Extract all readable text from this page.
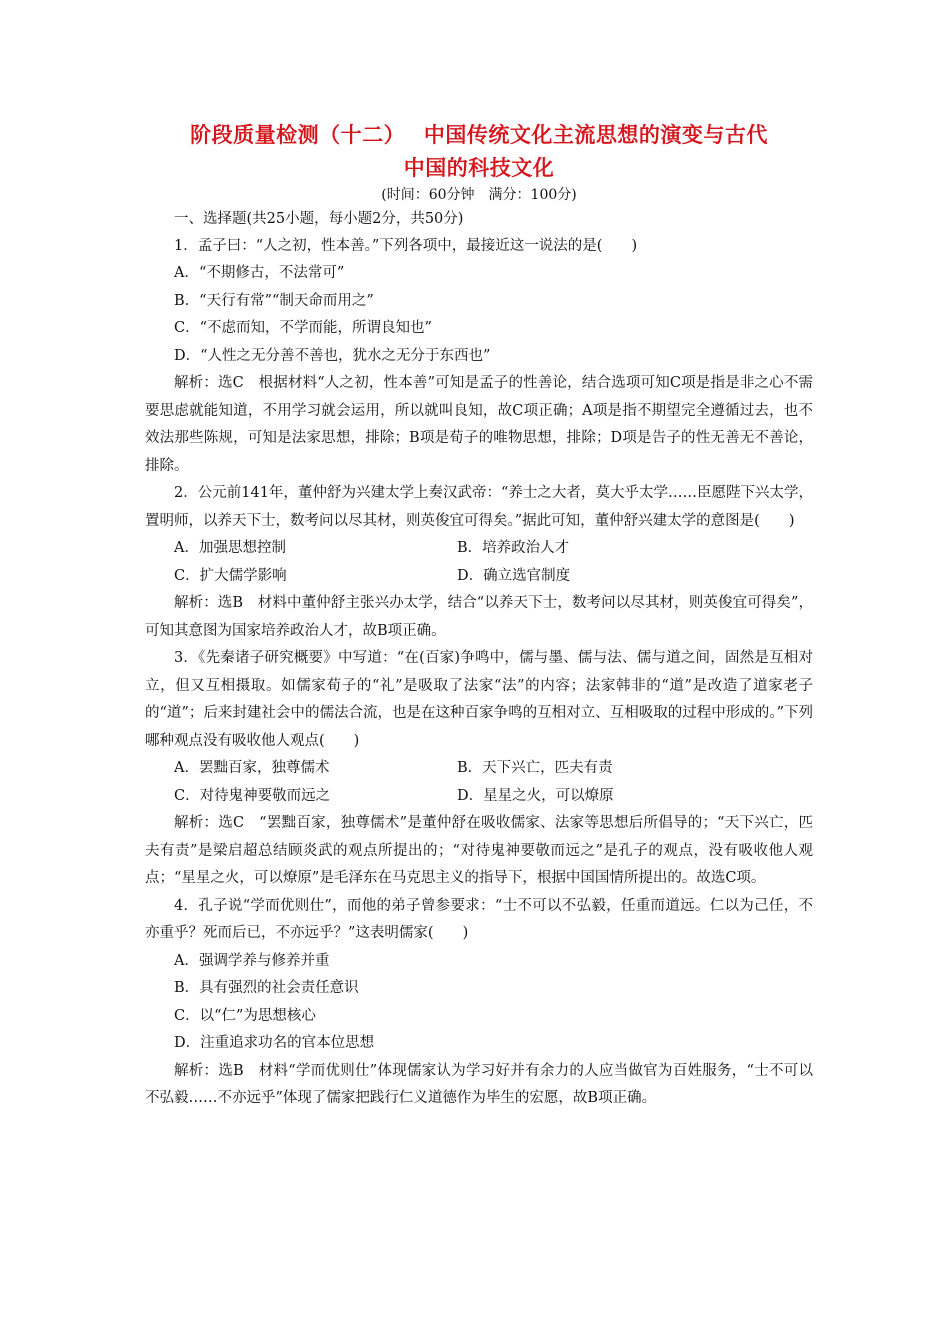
阶段质量检测（十二）　 中国传统文化主流思想的演变与古代

中国的科技文化

(时间：60分钟　满分：100分)

一、选择题(共25小题，每小题2分，共50分)

1．孟子曰：“人之初，性本善。”下列各项中，最接近这一说法的是(　　)

A．“不期修古，不法常可”

B．“天行有常”“制天命而用之”

C．“不虑而知，不学而能，所谓良知也”

D．“人性之无分善不善也，犹水之无分于东西也”

解析：选C　根据材料“人之初，性本善”可知是孟子的性善论，结合选项可知C项是指是非之心不需要思虑就能知道，不用学习就会运用，所以就叫良知，故C项正确；A项是指不期望完全遵循过去，也不效法那些陈规，可知是法家思想，排除；B项是荀子的唯物思想，排除；D项是告子的性无善无不善论，排除。

2．公元前141年，董仲舒为兴建太学上奏汉武帝：“养士之大者，莫大乎太学……臣愿陛下兴太学，置明师，以养天下士，数考问以尽其材，则英俊宜可得矣。”据此可知，董仲舒兴建太学的意图是(　　)

A．加强思想控制	B．培养政治人才
C．扩大儒学影响	D．确立选官制度

解析：选B　材料中董仲舒主张兴办太学，结合“以养天下士，数考问以尽其材，则英俊宜可得矣”，可知其意图为国家培养政治人才，故B项正确。

3．《先秦诸子研究概要》中写道：“在(百家)争鸣中，儒与墨、儒与法、儒与道之间，固然是互相对立，但又互相摄取。如儒家荀子的“礼”是吸取了法家“法”的内容；法家韩非的“道”是改造了道家老子的“道”；后来封建社会中的儒法合流，也是在这种百家争鸣的互相对立、互相吸取的过程中形成的。”下列哪种观点没有吸收他人观点(　　)

A．罢黜百家，独尊儒术	B．天下兴亡，匹夫有责
C．对待鬼神要敬而远之	D．星星之火，可以燎原

解析：选C　“罢黜百家，独尊儒术”是董仲舒在吸收儒家、法家等思想后所倡导的；“天下兴亡，匹夫有责”是梁启超总结顾炎武的观点所提出的；“对待鬼神要敬而远之”是孔子的观点，没有吸收他人观点；“星星之火，可以燎原”是毛泽东在马克思主义的指导下，根据中国国情所提出的。故选C项。

4．孔子说“学而优则仕”，而他的弟子曾参要求：“士不可以不弘毅，任重而道远。仁以为己任，不亦重乎？死而后已，不亦远乎？”这表明儒家(　　)

A．强调学养与修养并重

B．具有强烈的社会责任意识

C．以“仁”为思想核心

D．注重追求功名的官本位思想

解析：选B　材料“学而优则仕”体现儒家认为学习好并有余力的人应当做官为百姓服务，“士不可以不弘毅……不亦远乎”体现了儒家把践行仁义道德作为毕生的宏愿，故B项正确。
